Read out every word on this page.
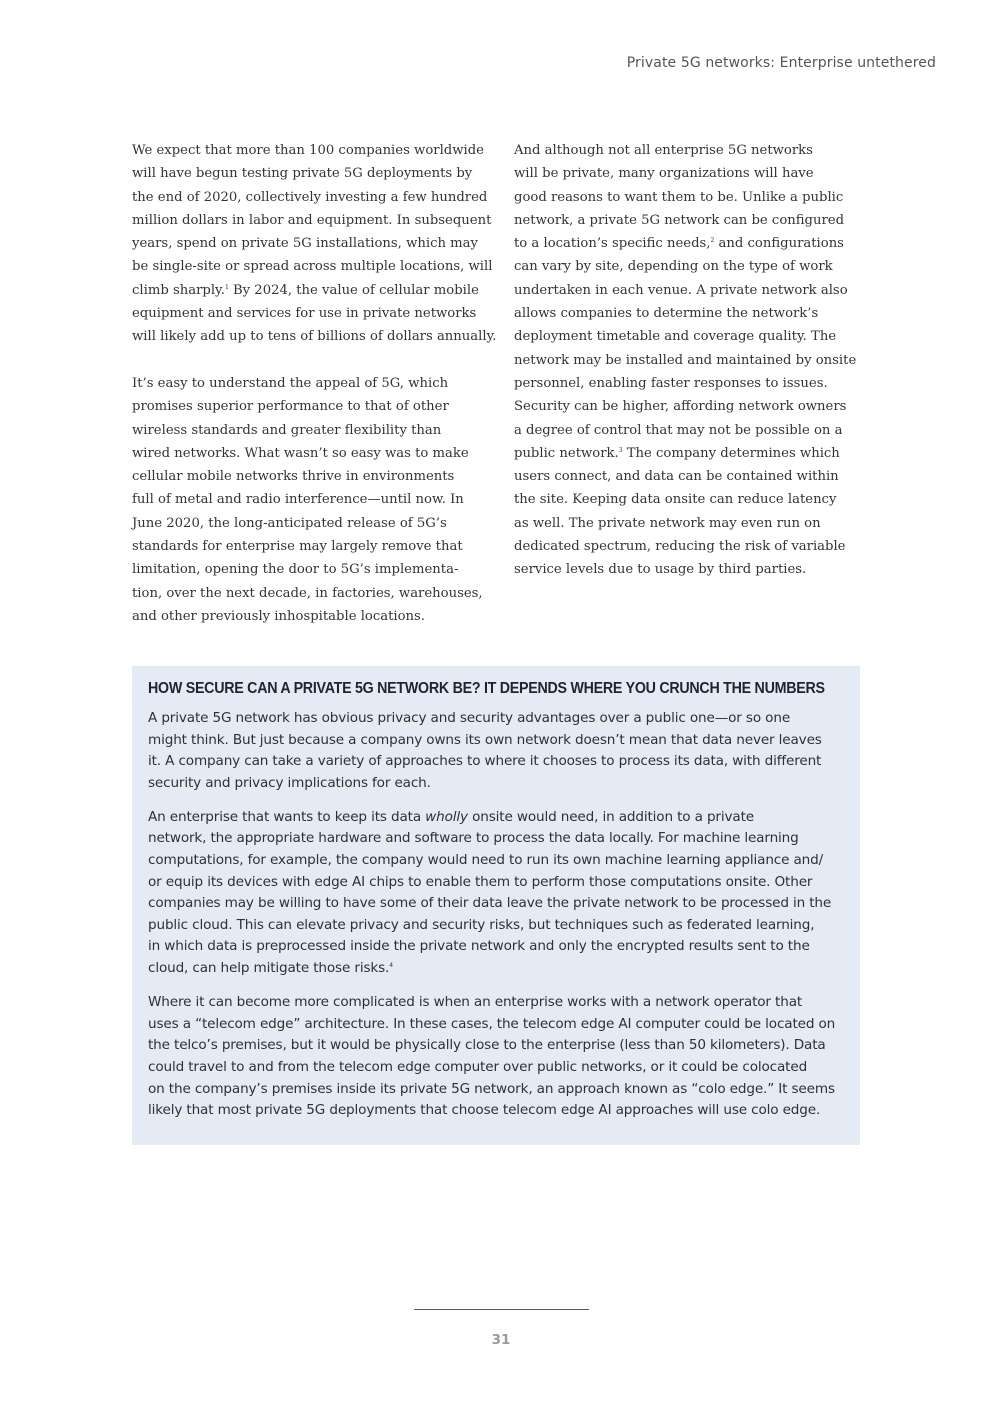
Private 5G networks: Enterprise untethered
We expect that more than 100 companies worldwide
will have begun testing private 5G deployments by
the end of 2020, collectively investing a few hundred
million dollars in labor and equipment. In subsequent
years, spend on private 5G installations, which may
be single-site or spread across multiple locations, will
climb sharply.$^1$ By 2024, the value of cellular mobile
equipment and services for use in private networks
will likely add up to tens of billions of dollars annually.
It’s easy to understand the appeal of 5G, which
promises superior performance to that of other
wireless standards and greater flexibility than
wired networks. What wasn’t so easy was to make
cellular mobile networks thrive in environments
full of metal and radio interference—until now. In
June 2020, the long-anticipated release of 5G’s
standards for enterprise may largely remove that
limitation, opening the door to 5G’s implementa-
tion, over the next decade, in factories, warehouses,
and other previously inhospitable locations.
And although not all enterprise 5G networks
will be private, many organizations will have
good reasons to want them to be. Unlike a public
network, a private 5G network can be configured
to a location’s specific needs,$^2$ and configurations
can vary by site, depending on the type of work
undertaken in each venue. A private network also
allows companies to determine the network’s
deployment timetable and coverage quality. The
network may be installed and maintained by onsite
personnel, enabling faster responses to issues.
Security can be higher, affording network owners
a degree of control that may not be possible on a
public network.$^3$ The company determines which
users connect, and data can be contained within
the site. Keeping data onsite can reduce latency
as well. The private network may even run on
dedicated spectrum, reducing the risk of variable
service levels due to usage by third parties.
HOW SECURE CAN A PRIVATE 5G NETWORK BE? IT DEPENDS WHERE YOU CRUNCH THE NUMBERS
A private 5G network has obvious privacy and security advantages over a public one—or so one
might think. But just because a company owns its own network doesn’t mean that data never leaves
it. A company can take a variety of approaches to where it chooses to process its data, with different
security and privacy implications for each.
An enterprise that wants to keep its data wholly onsite would need, in addition to a private
network, the appropriate hardware and software to process the data locally. For machine learning
computations, for example, the company would need to run its own machine learning appliance and/
or equip its devices with edge AI chips to enable them to perform those computations onsite. Other
companies may be willing to have some of their data leave the private network to be processed in the
public cloud. This can elevate privacy and security risks, but techniques such as federated learning,
in which data is preprocessed inside the private network and only the encrypted results sent to the
cloud, can help mitigate those risks.$^4$
Where it can become more complicated is when an enterprise works with a network operator that
uses a “telecom edge” architecture. In these cases, the telecom edge AI computer could be located on
the telco’s premises, but it would be physically close to the enterprise (less than 50 kilometers). Data
could travel to and from the telecom edge computer over public networks, or it could be colocated
on the company’s premises inside its private 5G network, an approach known as “colo edge.” It seems
likely that most private 5G deployments that choose telecom edge AI approaches will use colo edge.
31
